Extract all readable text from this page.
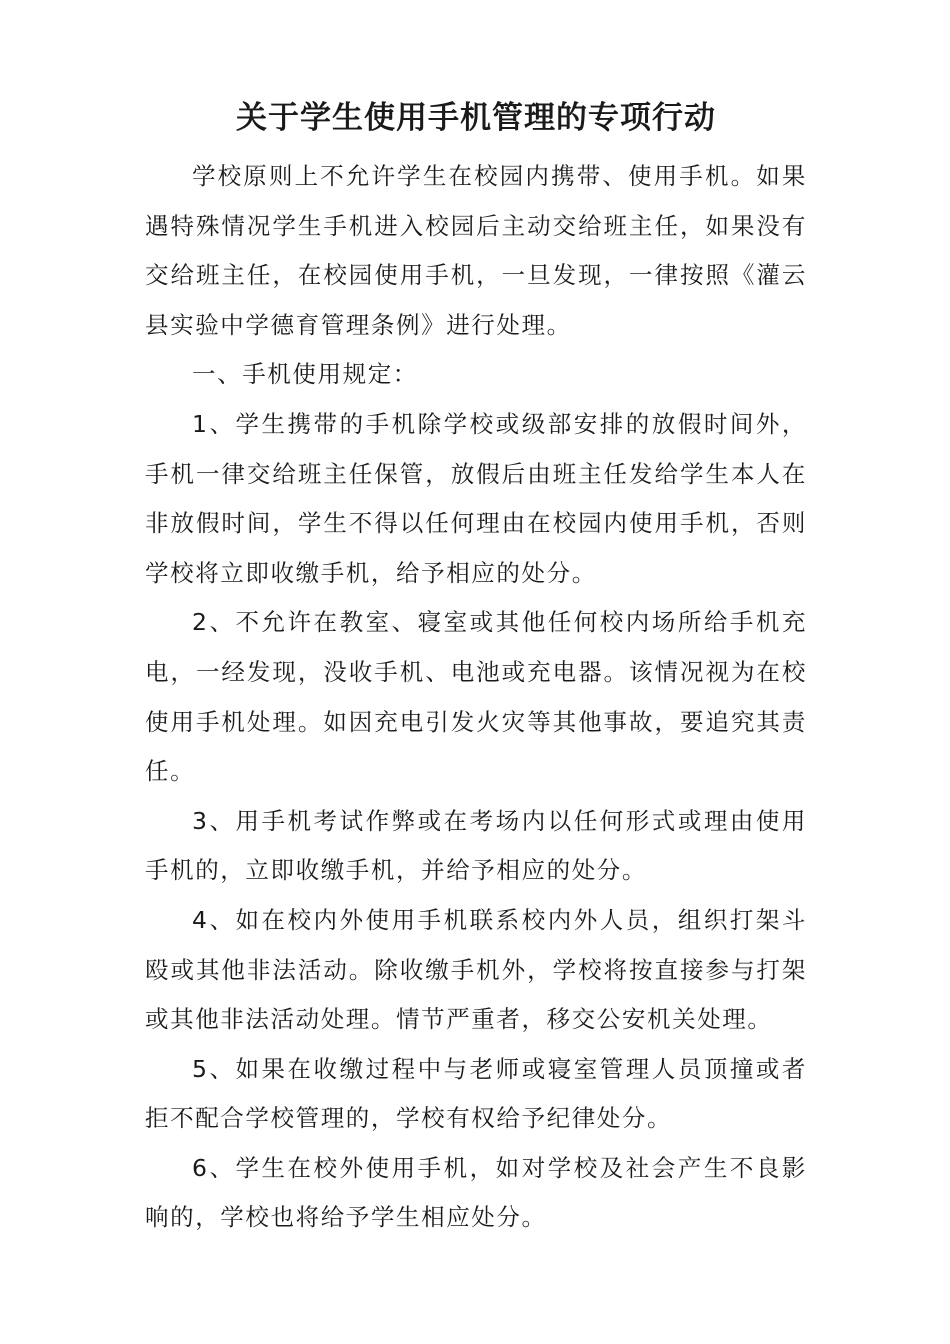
关于学生使用手机管理的专项行动

学校原则上不允许学生在校园内携带、使用手机。如果遇特殊情况学生手机进入校园后主动交给班主任，如果没有交给班主任，在校园使用手机，一旦发现，一律按照《灌云县实验中学德育管理条例》进行处理。

一、手机使用规定：

1、学生携带的手机除学校或级部安排的放假时间外，手机一律交给班主任保管，放假后由班主任发给学生本人在非放假时间，学生不得以任何理由在校园内使用手机，否则学校将立即收缴手机，给予相应的处分。

2、不允许在教室、寝室或其他任何校内场所给手机充电，一经发现，没收手机、电池或充电器。该情况视为在校使用手机处理。如因充电引发火灾等其他事故，要追究其责任。

3、用手机考试作弊或在考场内以任何形式或理由使用手机的，立即收缴手机，并给予相应的处分。

4、如在校内外使用手机联系校内外人员，组织打架斗殴或其他非法活动。除收缴手机外，学校将按直接参与打架或其他非法活动处理。情节严重者，移交公安机关处理。

5、如果在收缴过程中与老师或寝室管理人员顶撞或者拒不配合学校管理的，学校有权给予纪律处分。

6、学生在校外使用手机，如对学校及社会产生不良影响的，学校也将给予学生相应处分。
